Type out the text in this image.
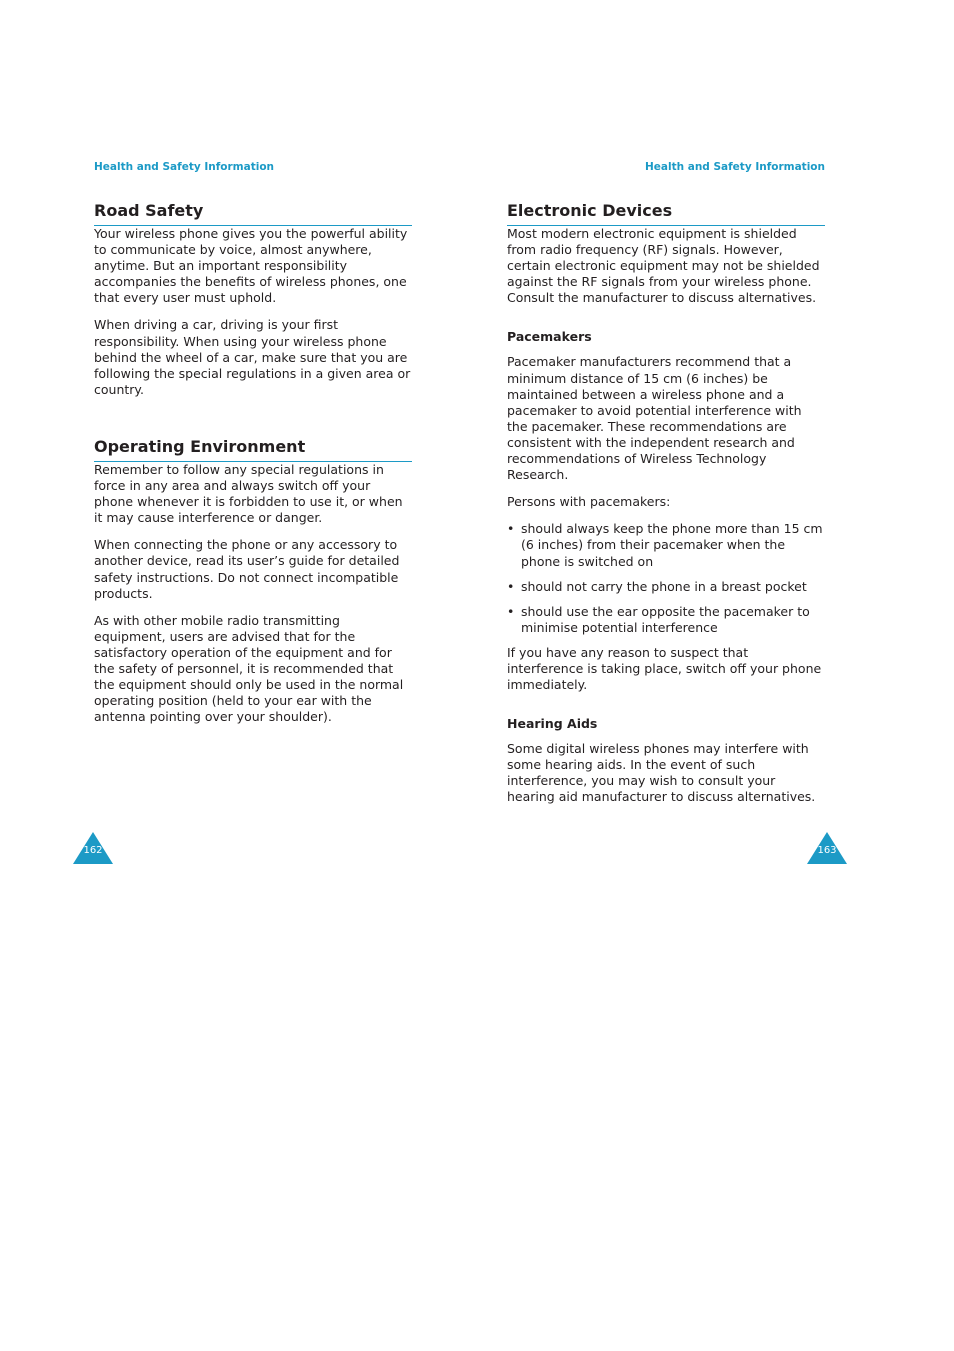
Health and Safety Information
Road Safety

Your wireless phone gives you the powerful ability to communicate by voice, almost anywhere, anytime. But an important responsibility accompanies the benefits of wireless phones, one that every user must uphold.

When driving a car, driving is your first responsibility. When using your wireless phone behind the wheel of a car, make sure that you are following the special regulations in a given area or country.

Operating Environment

Remember to follow any special regulations in force in any area and always switch off your phone whenever it is forbidden to use it, or when it may cause interference or danger.

When connecting the phone or any accessory to another device, read its user’s guide for detailed safety instructions. Do not connect incompatible products.

As with other mobile radio transmitting equipment, users are advised that for the satisfactory operation of the equipment and for the safety of personnel, it is recommended that the equipment should only be used in the normal operating position (held to your ear with the antenna pointing over your shoulder).

Health and Safety Information
Electronic Devices

Most modern electronic equipment is shielded from radio frequency (RF) signals. However, certain electronic equipment may not be shielded against the RF signals from your wireless phone. Consult the manufacturer to discuss alternatives.

Pacemakers

Pacemaker manufacturers recommend that a minimum distance of 15 cm (6 inches) be maintained between a wireless phone and a pacemaker to avoid potential interference with the pacemaker. These recommendations are consistent with the independent research and recommendations of Wireless Technology Research.

Persons with pacemakers:

• should always keep the phone more than 15 cm (6 inches) from their pacemaker when the phone is switched on
• should not carry the phone in a breast pocket
• should use the ear opposite the pacemaker to minimise potential interference

If you have any reason to suspect that interference is taking place, switch off your phone immediately.

Hearing Aids

Some digital wireless phones may interfere with some hearing aids. In the event of such interference, you may wish to consult your hearing aid manufacturer to discuss alternatives.

162	163
